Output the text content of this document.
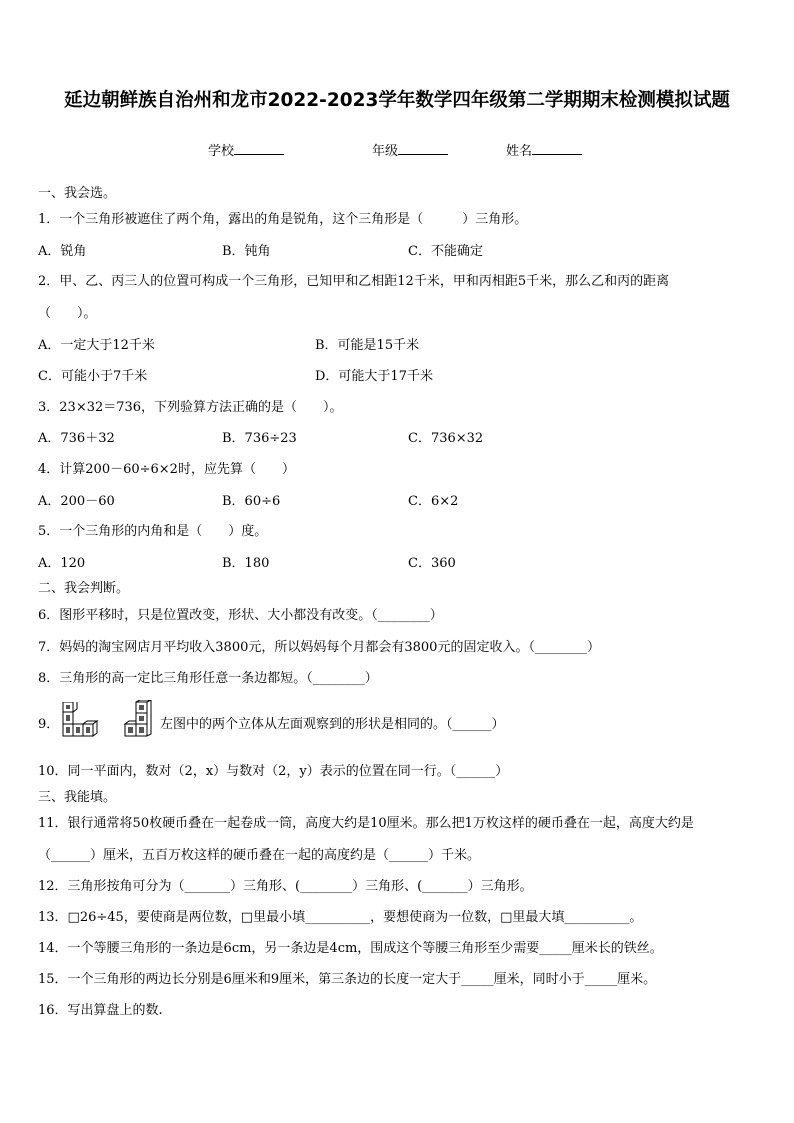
延边朝鲜族自治州和龙市2022-2023学年数学四年级第二学期期末检测模拟试题
学校	年级	姓名
一、我会选。
1．一个三角形被遮住了两个角，露出的角是锐角，这个三角形是（　　　）三角形。
A．锐角	B．钝角	C．不能确定
2．甲、乙、丙三人的位置可构成一个三角形，已知甲和乙相距12千米，甲和丙相距5千米，那么乙和丙的距离
（　　）。
A．一定大于12千米	B．可能是15千米
C．可能小于7千米	D．可能大于17千米
3．23×32＝736，下列验算方法正确的是（　　）。
A．736＋32	B．736÷23	C．736×32
4．计算200－60÷6×2时，应先算（　　）
A．200－60	B．60÷6	C．6×2
5．一个三角形的内角和是（　　）度。
A．120	B．180	C．360
二、我会判断。
6．图形平移时，只是位置改变，形状、大小都没有改变。（________）
7．妈妈的淘宝网店月平均收入3800元，所以妈妈每个月都会有3800元的固定收入。（________）
8．三角形的高一定比三角形任意一条边都短。（________）
9．	左图中的两个立体从左面观察到的形状是相同的。（______）
10．同一平面内，数对（2，x）与数对（2，y）表示的位置在同一行。（______）
三、我能填。
11．银行通常将50枚硬币叠在一起卷成一筒，高度大约是10厘米。那么把1万枚这样的硬币叠在一起，高度大约是
（______）厘米，五百万枚这样的硬币叠在一起的高度约是（______）千米。
12．三角形按角可分为（_______）三角形、(________）三角形、(_______）三角形。
13．□26÷45，要使商是两位数，□里最小填__________，要想使商为一位数，□里最大填__________。
14．一个等腰三角形的一条边是6cm，另一条边是4cm，围成这个等腰三角形至少需要_____厘米长的铁丝。
15．一个三角形的两边长分别是6厘米和9厘米，第三条边的长度一定大于_____厘米，同时小于_____厘米。
16．写出算盘上的数.
